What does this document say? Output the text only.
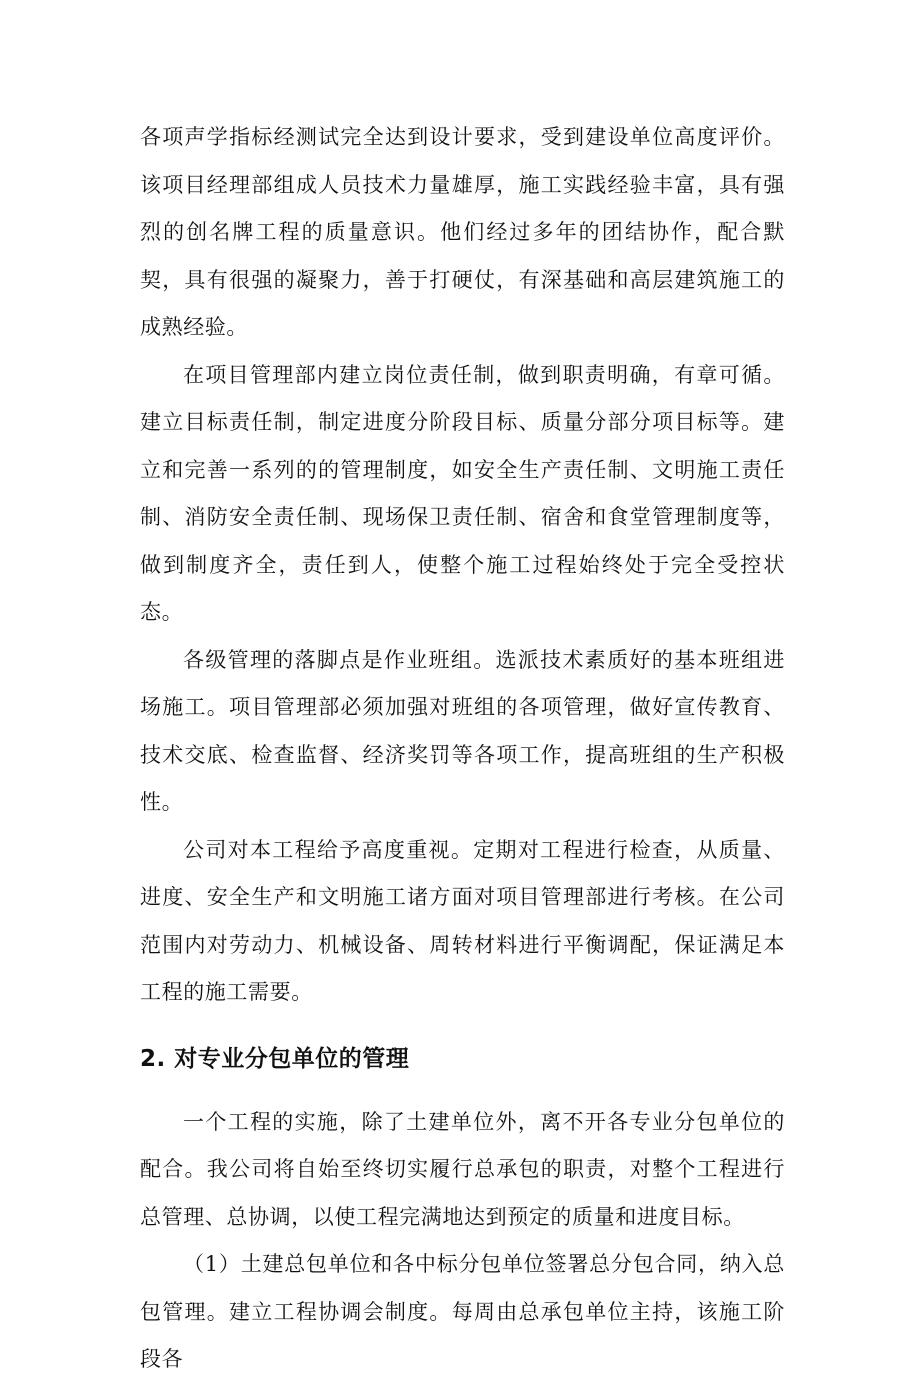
各项声学指标经测试完全达到设计要求，受到建设单位高度评价。该项目经理部组成人员技术力量雄厚，施工实践经验丰富，具有强烈的创名牌工程的质量意识。他们经过多年的团结协作，配合默契，具有很强的凝聚力，善于打硬仗，有深基础和高层建筑施工的成熟经验。

在项目管理部内建立岗位责任制，做到职责明确，有章可循。建立目标责任制，制定进度分阶段目标、质量分部分项目标等。建立和完善一系列的的管理制度，如安全生产责任制、文明施工责任制、消防安全责任制、现场保卫责任制、宿舍和食堂管理制度等，做到制度齐全，责任到人，使整个施工过程始终处于完全受控状态。

各级管理的落脚点是作业班组。选派技术素质好的基本班组进场施工。项目管理部必须加强对班组的各项管理，做好宣传教育、技术交底、检查监督、经济奖罚等各项工作，提高班组的生产积极性。

公司对本工程给予高度重视。定期对工程进行检查，从质量、进度、安全生产和文明施工诸方面对项目管理部进行考核。在公司范围内对劳动力、机械设备、周转材料进行平衡调配，保证满足本工程的施工需要。

2. 对专业分包单位的管理

一个工程的实施，除了土建单位外，离不开各专业分包单位的配合。我公司将自始至终切实履行总承包的职责，对整个工程进行总管理、总协调，以使工程完满地达到预定的质量和进度目标。

（1）土建总包单位和各中标分包单位签署总分包合同，纳入总包管理。建立工程协调会制度。每周由总承包单位主持，该施工阶段各
